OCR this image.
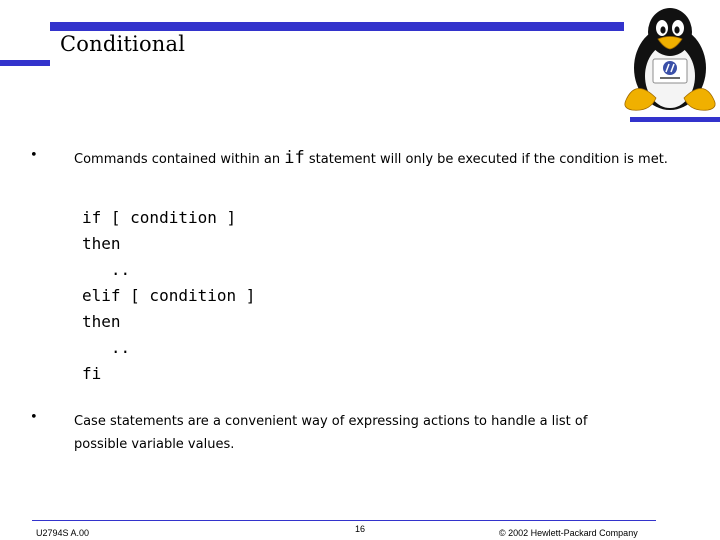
Conditional
•	Commands contained within an if statement will only be executed if the condition is met.
if [ condition ]
then
..
elif [ condition ]
then
..
fi
•	Case statements are a convenient way of expressing actions to handle a list of possible variable values.
U2794S A.00	16	© 2002 Hewlett-Packard Company
